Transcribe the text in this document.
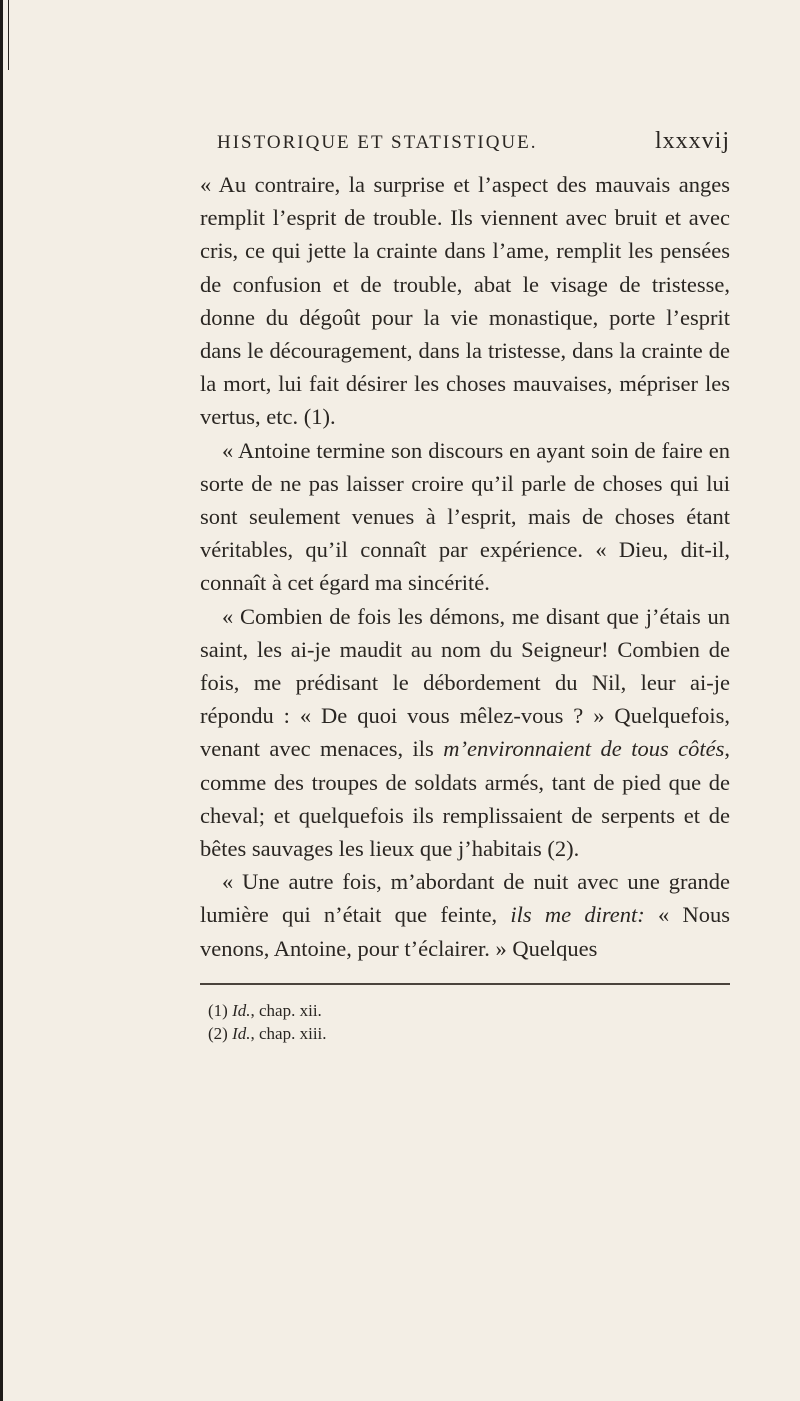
HISTORIQUE ET STATISTIQUE.	lxxxvij

« Au contraire, la surprise et l’aspect des mauvais anges remplit l’esprit de trouble. Ils viennent avec bruit et avec cris, ce qui jette la crainte dans l’ame, remplit les pensées de confusion et de trouble, abat le visage de tristesse, donne du dégoût pour la vie monastique, porte l’esprit dans le découragement, dans la tristesse, dans la crainte de la mort, lui fait désirer les choses mauvaises, mépriser les vertus, etc. (1).

« Antoine termine son discours en ayant soin de faire en sorte de ne pas laisser croire qu’il parle de choses qui lui sont seulement venues à l’esprit, mais de choses étant véritables, qu’il connaît par expérience. « Dieu, dit-il, connaît à cet égard ma sincérité.

« Combien de fois les démons, me disant que j’étais un saint, les ai-je maudit au nom du Seigneur! Combien de fois, me prédisant le débordement du Nil, leur ai-je répondu : « De quoi vous mêlez-vous ? » Quelquefois, venant avec menaces, ils m’environnaient de tous côtés, comme des troupes de soldats armés, tant de pied que de cheval; et quelquefois ils remplissaient de serpents et de bêtes sauvages les lieux que j’habitais (2).

« Une autre fois, m’abordant de nuit avec une grande lumière qui n’était que feinte, ils me dirent: « Nous venons, Antoine, pour t’éclairer. » Quelques

(1) Id., chap. xii.
(2) Id., chap. xiii.
